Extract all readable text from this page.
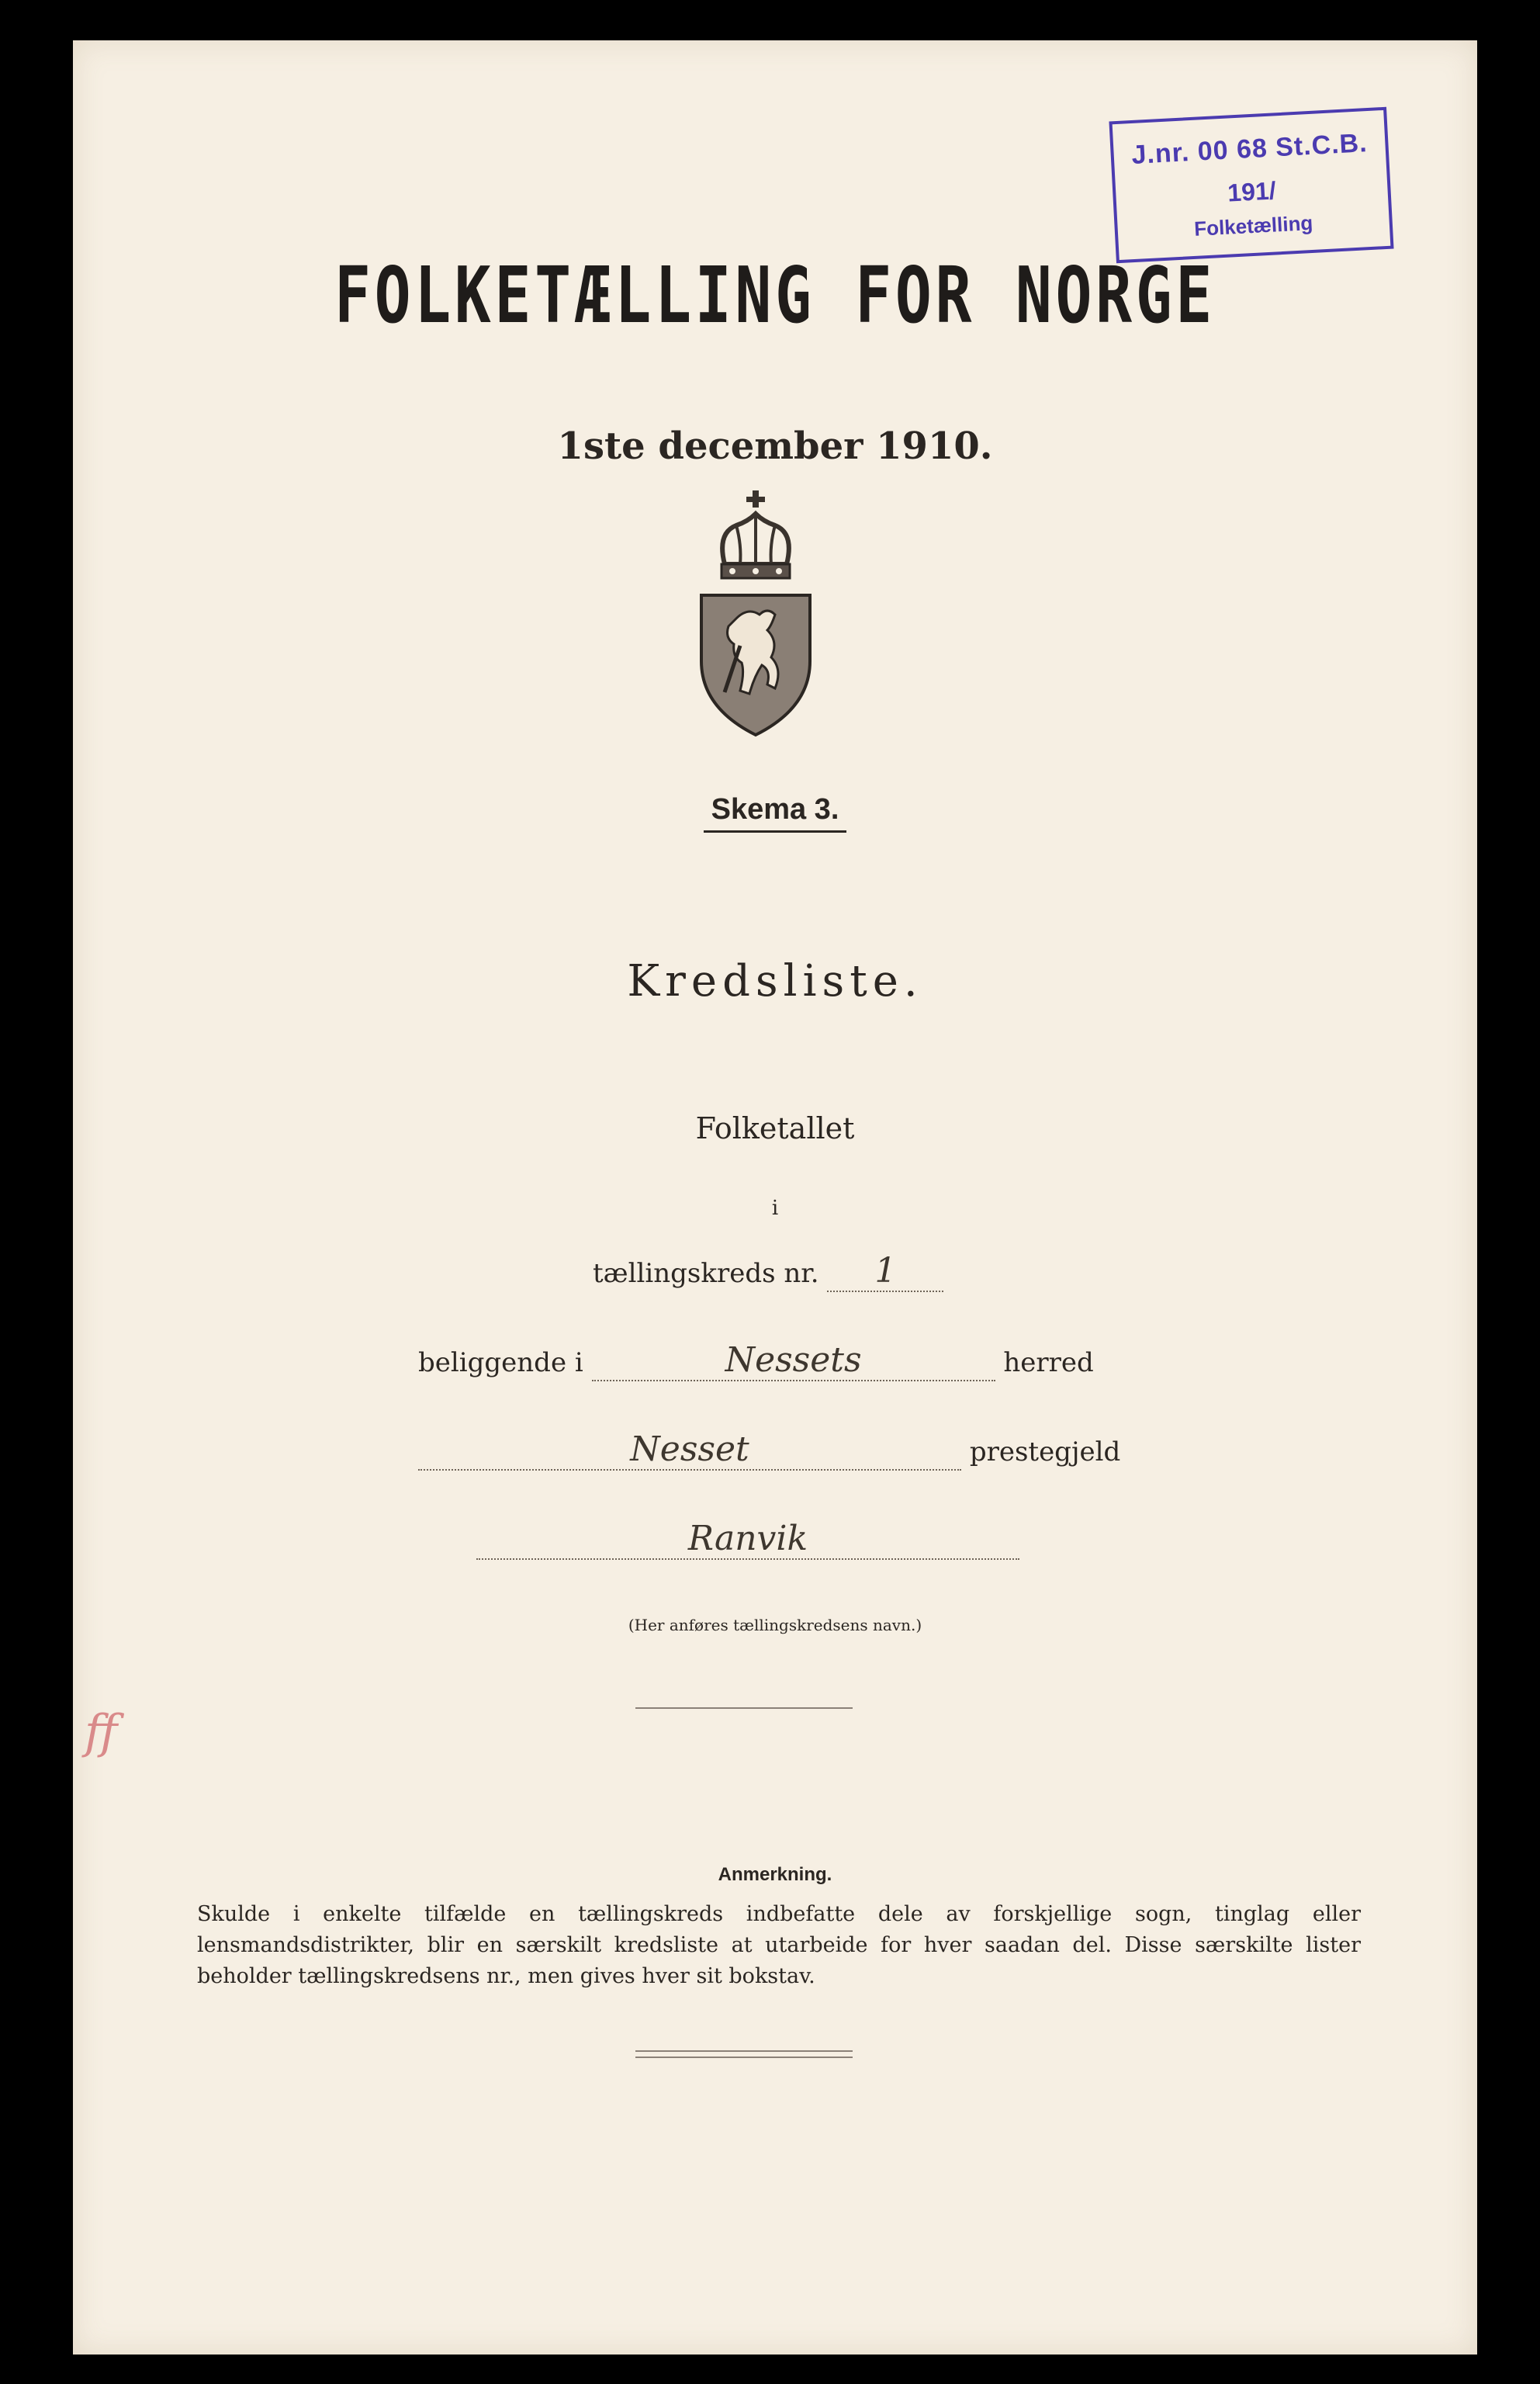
J.nr. 00 68 St.C.B.
191/
Folketælling
FOLKETÆLLING FOR NORGE
1ste december 1910.
Skema 3.
Kredsliste.
Folketallet
i
tællingskreds nr. 1
beliggende i	Nessets	herred
Nesset	prestegjeld
Ranvik
(Her anføres tællingskredsens navn.)
ff
Anmerkning.
Skulde i enkelte tilfælde en tællingskreds indbefatte dele av forskjellige sogn, tinglag eller lensmandsdistrikter, blir en særskilt kredsliste at utarbeide for hver saadan del. Disse særskilte lister beholder tællingskredsens nr., men gives hver sit bokstav.
